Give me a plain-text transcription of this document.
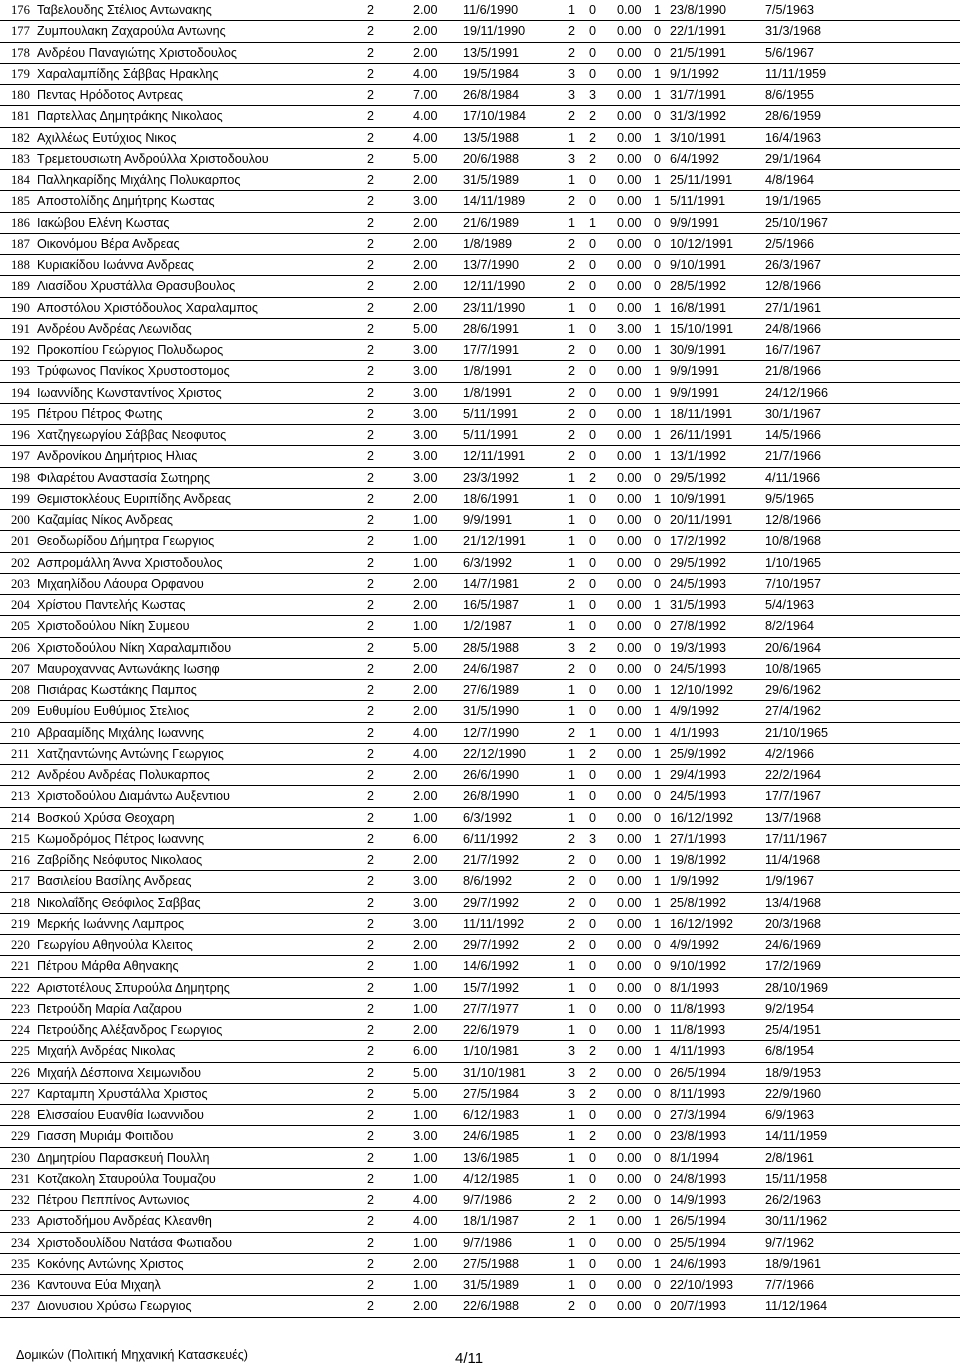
176	Ταβελουδης Στέλιος Αντωνακης	2	2.00	11/6/1990	1	0	0.00	1	23/8/1990	7/5/1963
177	Ζυμπουλακη Ζαχαρούλα Αντωνης	2	2.00	19/11/1990	2	0	0.00	0	22/1/1991	31/3/1968
178	Ανδρέου Παναγιώτης Χριστοδουλος	2	2.00	13/5/1991	2	0	0.00	0	21/5/1991	5/6/1967
179	Χαραλαμπίδης Σάββας Ηρακλης	2	4.00	19/5/1984	3	0	0.00	1	9/1/1992	11/11/1959
180	Πεντας Ηρόδοτος Αντρεας	2	7.00	26/8/1984	3	3	0.00	1	31/7/1991	8/6/1955
181	Παρτελλας Δημητράκης Νικολαος	2	4.00	17/10/1984	2	2	0.00	0	31/3/1992	28/6/1959
182	Αχιλλέως Ευτύχιος Νικος	2	4.00	13/5/1988	1	2	0.00	1	3/10/1991	16/4/1963
183	Τρεμετουσιωτη Ανδρούλλα Χριστοδουλου	2	5.00	20/6/1988	3	2	0.00	0	6/4/1992	29/1/1964
184	Παλληκαρίδης Μιχάλης Πολυκαρπος	2	2.00	31/5/1989	1	0	0.00	1	25/11/1991	4/8/1964
185	Αποστολίδης Δημήτρης Κωστας	2	3.00	14/11/1989	2	0	0.00	1	5/11/1991	19/1/1965
186	Ιακώβου Ελένη Κωστας	2	2.00	21/6/1989	1	1	0.00	0	9/9/1991	25/10/1967
187	Οικονόμου Βέρα Ανδρεας	2	2.00	1/8/1989	2	0	0.00	0	10/12/1991	2/5/1966
188	Κυριακίδου Ιωάννα Ανδρεας	2	2.00	13/7/1990	2	0	0.00	0	9/10/1991	26/3/1967
189	Λιασίδου Χρυστάλλα Θρασυβουλος	2	2.00	12/11/1990	2	0	0.00	0	28/5/1992	12/8/1966
190	Αποστόλου Χριστόδουλος Χαραλαμπος	2	2.00	23/11/1990	1	0	0.00	1	16/8/1991	27/1/1961
191	Ανδρέου Ανδρέας Λεωνιδας	2	5.00	28/6/1991	1	0	3.00	1	15/10/1991	24/8/1966
192	Προκοπίου Γεώργιος Πολυδωρος	2	3.00	17/7/1991	2	0	0.00	1	30/9/1991	16/7/1967
193	Τρύφωνος Πανίκος Χρυστοστομος	2	3.00	1/8/1991	2	0	0.00	1	9/9/1991	21/8/1966
194	Ιωαννίδης Κωνσταντίνος Χριστος	2	3.00	1/8/1991	2	0	0.00	1	9/9/1991	24/12/1966
195	Πέτρου Πέτρος Φωτης	2	3.00	5/11/1991	2	0	0.00	1	18/11/1991	30/1/1967
196	Χατζηγεωργίου Σάββας Νεοφυτος	2	3.00	5/11/1991	2	0	0.00	1	26/11/1991	14/5/1966
197	Ανδρονίκου Δημήτριος Ηλιας	2	3.00	12/11/1991	2	0	0.00	1	13/1/1992	21/7/1966
198	Φιλαρέτου Αναστασία Σωτηρης	2	3.00	23/3/1992	1	2	0.00	0	29/5/1992	4/11/1966
199	Θεμιστοκλέους Ευριπίδης Ανδρεας	2	2.00	18/6/1991	1	0	0.00	1	10/9/1991	9/5/1965
200	Καζαμίας Νίκος Ανδρεας	2	1.00	9/9/1991	1	0	0.00	0	20/11/1991	12/8/1966
201	Θεοδωρίδου Δήμητρα Γεωργιος	2	1.00	21/12/1991	1	0	0.00	0	17/2/1992	10/8/1968
202	Ασπρομάλλη Άννα Χριστοδουλος	2	1.00	6/3/1992	1	0	0.00	0	29/5/1992	1/10/1965
203	Μιχαηλίδου Λάουρα Ορφανου	2	2.00	14/7/1981	2	0	0.00	0	24/5/1993	7/10/1957
204	Χρίστου Παντελής Κωστας	2	2.00	16/5/1987	1	0	0.00	1	31/5/1993	5/4/1963
205	Χριστοδούλου Νίκη Συμεου	2	1.00	1/2/1987	1	0	0.00	0	27/8/1992	8/2/1964
206	Χριστοδούλου Νίκη Χαραλαμπιδου	2	5.00	28/5/1988	3	2	0.00	0	19/3/1993	20/6/1964
207	Μαυροχαννας Αντωνάκης Ιωσηφ	2	2.00	24/6/1987	2	0	0.00	0	24/5/1993	10/8/1965
208	Πισιάρας Κωστάκης Παμπος	2	2.00	27/6/1989	1	0	0.00	1	12/10/1992	29/6/1962
209	Ευθυμίου Ευθύμιος Στελιος	2	2.00	31/5/1990	1	0	0.00	1	4/9/1992	27/4/1962
210	Αβρααμίδης Μιχάλης Ιωαννης	2	4.00	12/7/1990	2	1	0.00	1	4/1/1993	21/10/1965
211	Χατζηαντώνης Αντώνης Γεωργιος	2	4.00	22/12/1990	1	2	0.00	1	25/9/1992	4/2/1966
212	Ανδρέου Ανδρέας Πολυκαρπος	2	2.00	26/6/1990	1	0	0.00	1	29/4/1993	22/2/1964
213	Χριστοδούλου Διαμάντω Αυξεντιου	2	2.00	26/8/1990	1	0	0.00	0	24/5/1993	17/7/1967
214	Βοσκού Χρύσα Θεοχαρη	2	1.00	6/3/1992	1	0	0.00	0	16/12/1992	13/7/1968
215	Κωμοδρόμος Πέτρος Ιωαννης	2	6.00	6/11/1992	2	3	0.00	1	27/1/1993	17/11/1967
216	Ζαβρίδης Νεόφυτος Νικολαος	2	2.00	21/7/1992	2	0	0.00	1	19/8/1992	11/4/1968
217	Βασιλείου Βασίλης Ανδρεας	2	3.00	8/6/1992	2	0	0.00	1	1/9/1992	1/9/1967
218	Νικολαΐδης Θεόφιλος Σαββας	2	3.00	29/7/1992	2	0	0.00	1	25/8/1992	13/4/1968
219	Μερκής Ιωάννης Λαμπρος	2	3.00	11/11/1992	2	0	0.00	1	16/12/1992	20/3/1968
220	Γεωργίου Αθηνούλα Κλειτος	2	2.00	29/7/1992	2	0	0.00	0	4/9/1992	24/6/1969
221	Πέτρου Μάρθα Αθηνακης	2	1.00	14/6/1992	1	0	0.00	0	9/10/1992	17/2/1969
222	Αριστοτέλους Σπυρούλα Δημητρης	2	1.00	15/7/1992	1	0	0.00	0	8/1/1993	28/10/1969
223	Πετρούδη Μαρία Λαζαρου	2	1.00	27/7/1977	1	0	0.00	0	11/8/1993	9/2/1954
224	Πετρούδης Αλέξανδρος Γεωργιος	2	2.00	22/6/1979	1	0	0.00	1	11/8/1993	25/4/1951
225	Μιχαήλ Ανδρέας Νικολας	2	6.00	1/10/1981	3	2	0.00	1	4/11/1993	6/8/1954
226	Μιχαήλ Δέσποινα Χειμωνιδου	2	5.00	31/10/1981	3	2	0.00	0	26/5/1994	18/9/1953
227	Καρταμπη Χρυστάλλα Χριστος	2	5.00	27/5/1984	3	2	0.00	0	8/11/1993	22/9/1960
228	Ελισσαίου Ευανθία Ιωαννιδου	2	1.00	6/12/1983	1	0	0.00	0	27/3/1994	6/9/1963
229	Γιασση Μυριάμ Φοιτιδου	2	3.00	24/6/1985	1	2	0.00	0	23/8/1993	14/11/1959
230	Δημητρίου Παρασκευή Πουλλη	2	1.00	13/6/1985	1	0	0.00	0	8/1/1994	2/8/1961
231	Κοτζακολη Σταυρούλα Τουμαζου	2	1.00	4/12/1985	1	0	0.00	0	24/8/1993	15/11/1958
232	Πέτρου Πεππίνος Αντωνιος	2	4.00	9/7/1986	2	2	0.00	0	14/9/1993	26/2/1963
233	Αριστοδήμου Ανδρέας Κλεανθη	2	4.00	18/1/1987	2	1	0.00	1	26/5/1994	30/11/1962
234	Χριστοδουλίδου Νατάσα Φωτιαδου	2	1.00	9/7/1986	1	0	0.00	0	25/5/1994	9/7/1962
235	Κοκόνης Αντώνης Χριστος	2	2.00	27/5/1988	1	0	0.00	1	24/6/1993	18/9/1961
236	Καντουνα Εύα Μιχαηλ	2	1.00	31/5/1989	1	0	0.00	0	22/10/1993	7/7/1966
237	Διονυσιου Χρύσω Γεωργιος	2	2.00	22/6/1988	2	0	0.00	0	20/7/1993	11/12/1964
Δομικών (Πολιτική Μηχανική Κατασκευές)	4/11
